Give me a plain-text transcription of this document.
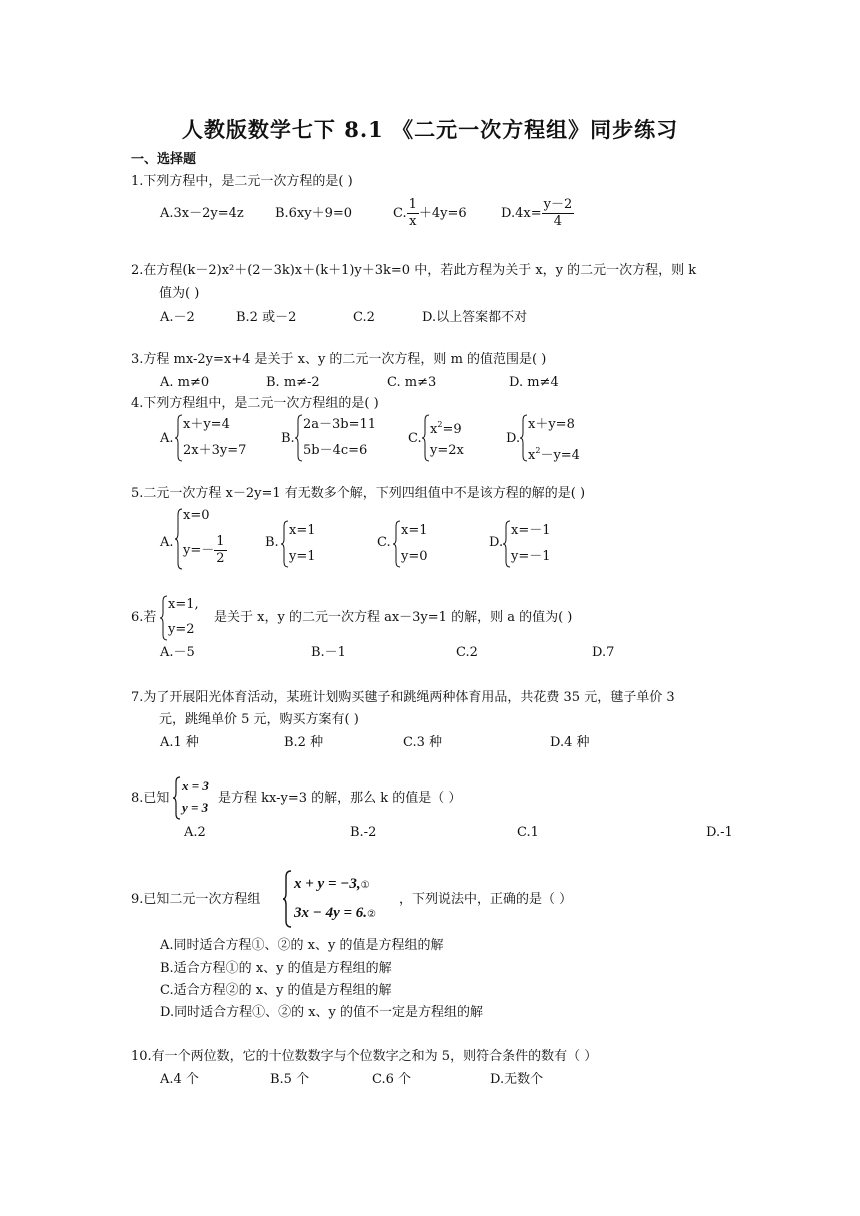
人教版数学七下 8.1 《二元一次方程组》同步练习
一、选择题
1.下列方程中，是二元一次方程的是( )
A.3x－2y=4z B.6xy＋9=0	C. $\frac{1}{x} +4y=6$	$D.4x= \frac{y-2}{4}$
2.在方程(k－2)x²＋(2－3k)x＋(k＋1)y＋3k=0 中，若此方程为关于 x，y 的二元一次方程，则 k
值为( )
A.－2	B.2 或－2	C.2	D.以上答案都不对
3.方程 mx-2y=x+4 是关于 x、y 的二元一次方程，则 m 的值范围是( )
A. m≠0	B. m≠-2	C. m≠3	D. m≠4
4.下列方程组中，是二元一次方程组的是( )
A.
x＋y=4
2x＋3y=7
B.
2a－3b=11
5b－4c=6
C.
$x^2=9$
y=2x
D.
x＋y=8
$x^2-y=4$
5.二元一次方程 x－2y=1 有无数多个解，下列四组值中不是该方程的解的是( )
A.
x=0
$y=- \frac{1}{2}$	B.
x=1
y=1
C.
x=1
y=0
D.
x=－1
y=－1
6.若
x=1,
y=2
是关于 x，y 的二元一次方程 ax－3y=1 的解，则 a 的值为( )
A.－5	B.－1	C.2	D.7
7.为了开展阳光体育活动，某班计划购买毽子和跳绳两种体育用品，共花费 35 元，毽子单价 3
元，跳绳单价 5 元，购买方案有( )
A.1 种	B.2 种	C.3 种	D.4 种
8.已知
x = 3
y = 3
是方程 kx-y=3 的解，那么 k 的值是（ ）
A.2	B.-2	C.1	D.-1
9.已知二元一次方程组
x + y = −3,①
3x − 4y = 6.②
，下列说法中，正确的是（ ）
A.同时适合方程①、②的 x、y 的值是方程组的解
B.适合方程①的 x、y 的值是方程组的解
C.适合方程②的 x、y 的值是方程组的解
D.同时适合方程①、②的 x、y 的值不一定是方程组的解
10.有一个两位数，它的十位数数字与个位数字之和为 5，则符合条件的数有（ ）
A.4 个	B.5 个	C.6 个	D.无数个
